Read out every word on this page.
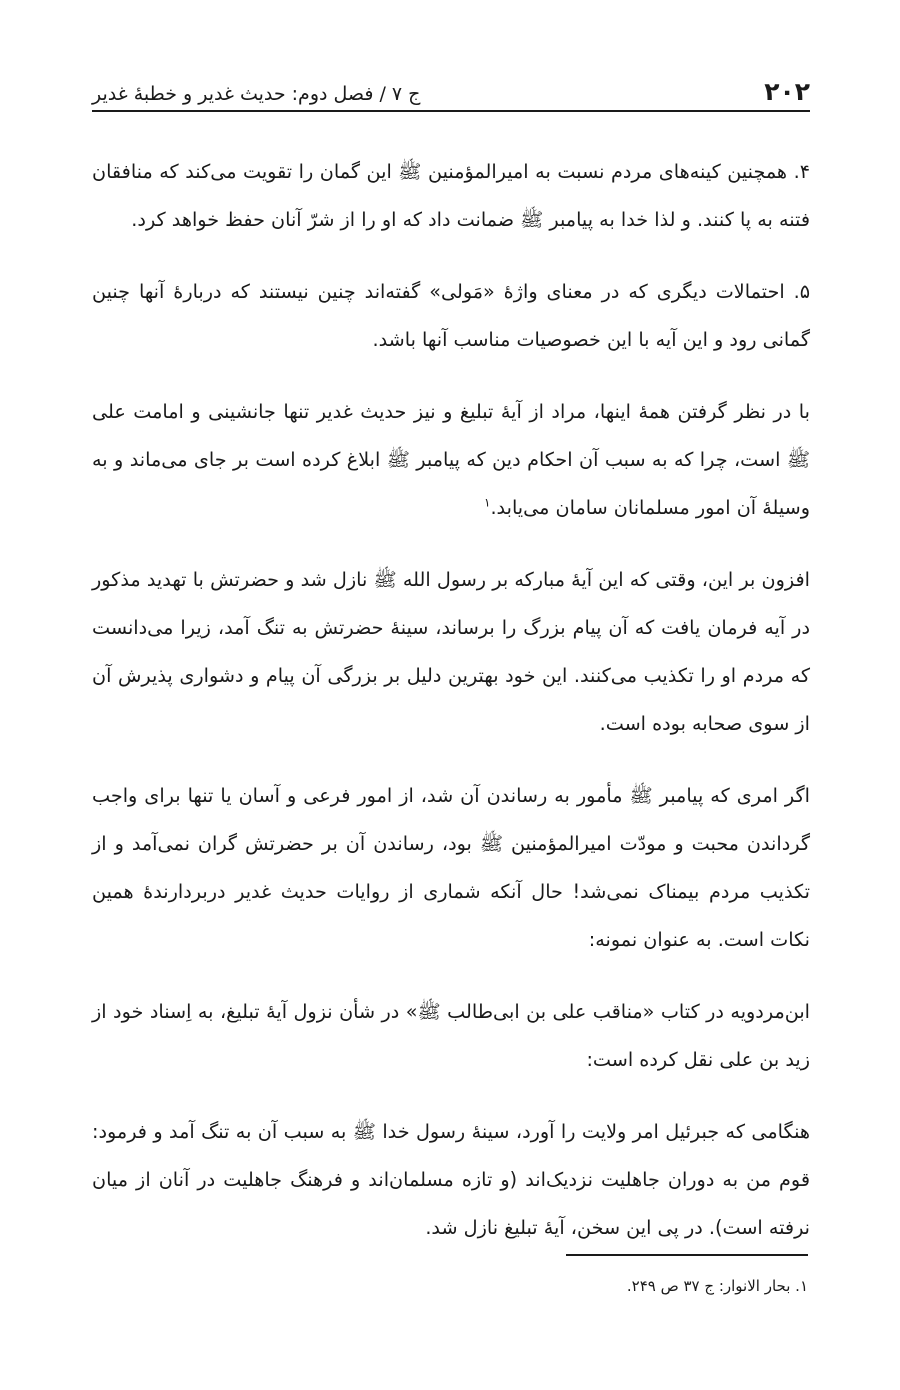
۲۰۲
ج ۷ / فصل دوم: حدیث غدیر و خطبهٔ غدیر

۴. همچنین کینه‌های مردم نسبت به امیرالمؤمنین ﷺ این گمان را تقویت می‌کند که منافقان فتنه به پا کنند. و لذا خدا به پیامبر ﷺ ضمانت داد که او را از شرّ آنان حفظ خواهد کرد.

۵. احتمالات دیگری که در معنای واژهٔ «مَولی» گفته‌اند چنین نیستند که دربارهٔ آنها چنین گمانی رود و این آیه با این خصوصیات مناسب آنها باشد.

با در نظر گرفتن همهٔ اینها، مراد از آیهٔ تبلیغ و نیز حدیث غدیر تنها جانشینی و امامت علی ﷺ است، چرا که به سبب آن احکام دین که پیامبر ﷺ ابلاغ کرده است بر جای می‌ماند و به وسیلهٔ آن امور مسلمانان سامان می‌یابد.$^۱$

افزون بر این، وقتی که این آیهٔ مبارکه بر رسول الله ﷺ نازل شد و حضرتش با تهدید مذکور در آیه فرمان یافت که آن پیام بزرگ را برساند، سینهٔ حضرتش به تنگ آمد، زیرا می‌دانست که مردم او را تکذیب می‌کنند. این خود بهترین دلیل بر بزرگی آن پیام و دشواری پذیرش آن از سوی صحابه بوده است.

اگر امری که پیامبر ﷺ مأمور به رساندن آن شد، از امور فرعی و آسان یا تنها برای واجب گرداندن محبت و مودّت امیرالمؤمنین ﷺ بود، رساندن آن بر حضرتش گران نمی‌آمد و از تکذیب مردم بیمناک نمی‌شد! حال آنکه شماری از روایات حدیث غدیر دربردارندهٔ همین نکات است. به عنوان نمونه:

ابن‌مردویه در کتاب «مناقب علی بن ابی‌طالب ﷺ» در شأن نزول آیهٔ تبلیغ، به اِسناد خود از زید بن علی نقل کرده است:

هنگامی که جبرئیل امر ولایت را آورد، سینهٔ رسول خدا ﷺ به سبب آن به تنگ آمد و فرمود: قوم من به دوران جاهلیت نزدیک‌اند (و تازه مسلمان‌اند و فرهنگ جاهلیت در آنان از میان نرفته است). در پی این سخن، آیهٔ تبلیغ نازل شد.

۱. بحار الانوار: ج ۳۷ ص ۲۴۹.
